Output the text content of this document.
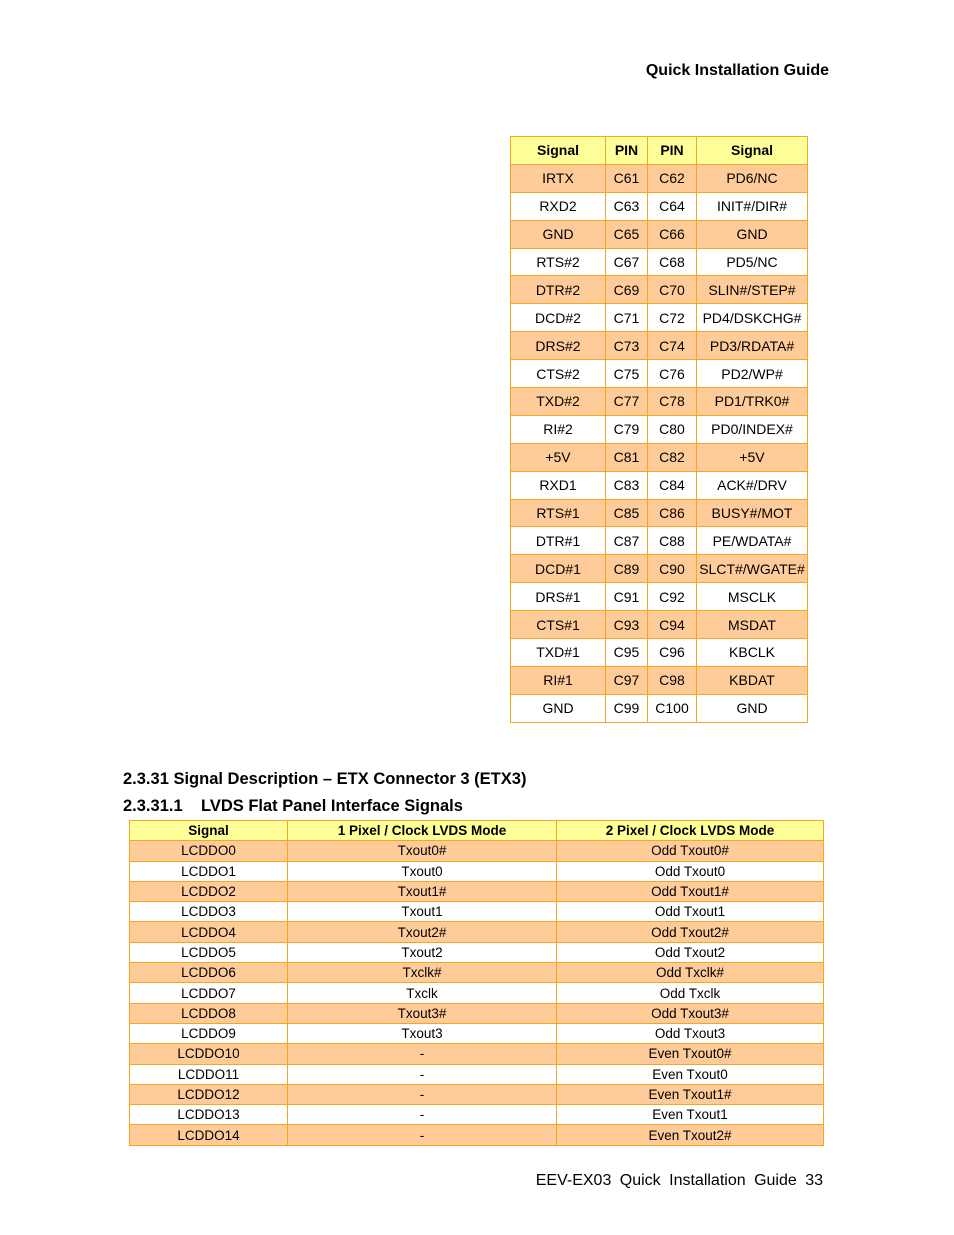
Quick Installation Guide
Signal	PIN	PIN	Signal
IRTX	C61	C62	PD6/NC
RXD2	C63	C64	INIT#/DIR#
GND	C65	C66	GND
RTS#2	C67	C68	PD5/NC
DTR#2	C69	C70	SLIN#/STEP#
DCD#2	C71	C72	PD4/DSKCHG#
DRS#2	C73	C74	PD3/RDATA#
CTS#2	C75	C76	PD2/WP#
TXD#2	C77	C78	PD1/TRK0#
RI#2	C79	C80	PD0/INDEX#
+5V	C81	C82	+5V
RXD1	C83	C84	ACK#/DRV
RTS#1	C85	C86	BUSY#/MOT
DTR#1	C87	C88	PE/WDATA#
DCD#1	C89	C90	SLCT#/WGATE#
DRS#1	C91	C92	MSCLK
CTS#1	C93	C94	MSDAT
TXD#1	C95	C96	KBCLK
RI#1	C97	C98	KBDAT
GND	C99	C100	GND
2.3.31 Signal Description – ETX Connector 3 (ETX3)
2.3.31.1    LVDS Flat Panel Interface Signals
Signal	1 Pixel / Clock LVDS Mode	2 Pixel / Clock LVDS Mode
LCDDO0	Txout0#	Odd Txout0#
LCDDO1	Txout0	Odd Txout0
LCDDO2	Txout1#	Odd Txout1#
LCDDO3	Txout1	Odd Txout1
LCDDO4	Txout2#	Odd Txout2#
LCDDO5	Txout2	Odd Txout2
LCDDO6	Txclk#	Odd Txclk#
LCDDO7	Txclk	Odd Txclk
LCDDO8	Txout3#	Odd Txout3#
LCDDO9	Txout3	Odd Txout3
LCDDO10	-	Even Txout0#
LCDDO11	-	Even Txout0
LCDDO12	-	Even Txout1#
LCDDO13	-	Even Txout1
LCDDO14	-	Even Txout2#
EEV-EX03 Quick Installation Guide 33
